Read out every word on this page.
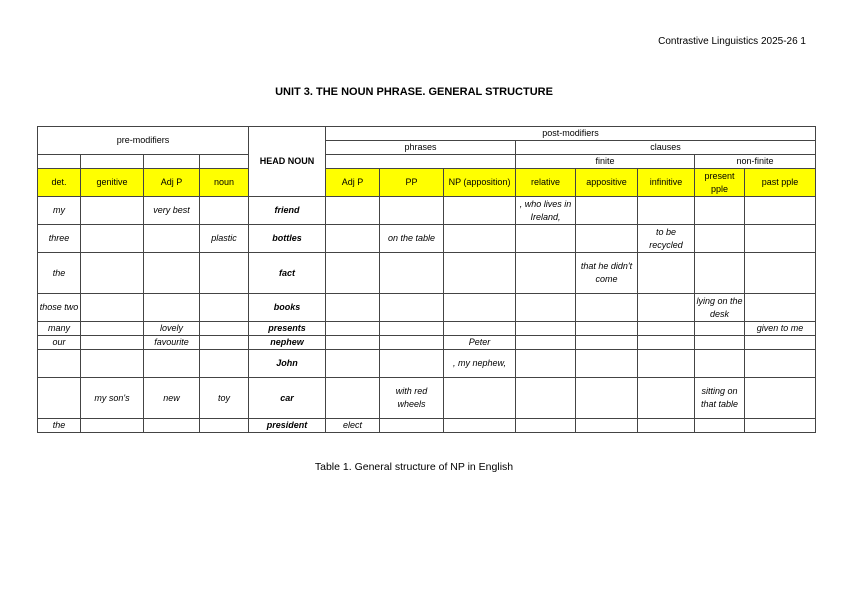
Contrastive Linguistics 2025-26 1
UNIT 3. THE NOUN PHRASE. GENERAL STRUCTURE
pre-modifiers				HEAD NOUN	post-modifiers							
					phrases			clauses				
								finite			non-finite	
det.	genitive	Adj P	noun		Adj P	PP	NP (apposition)	relative	appositive	infinitive	present pple	past pple
my		very best		friend				, who lives in Ireland,				
three			plastic	bottles		on the table				to be recycled		
the				fact					that he didn't come			
those two				books							lying on the desk	
many		lovely		presents								given to me
our		favourite		nephew			Peter					
				John			, my nephew,					
	my son's	new	toy	car		with red wheels					sitting on that table	
the				president	elect							
Table 1. General structure of NP in English
